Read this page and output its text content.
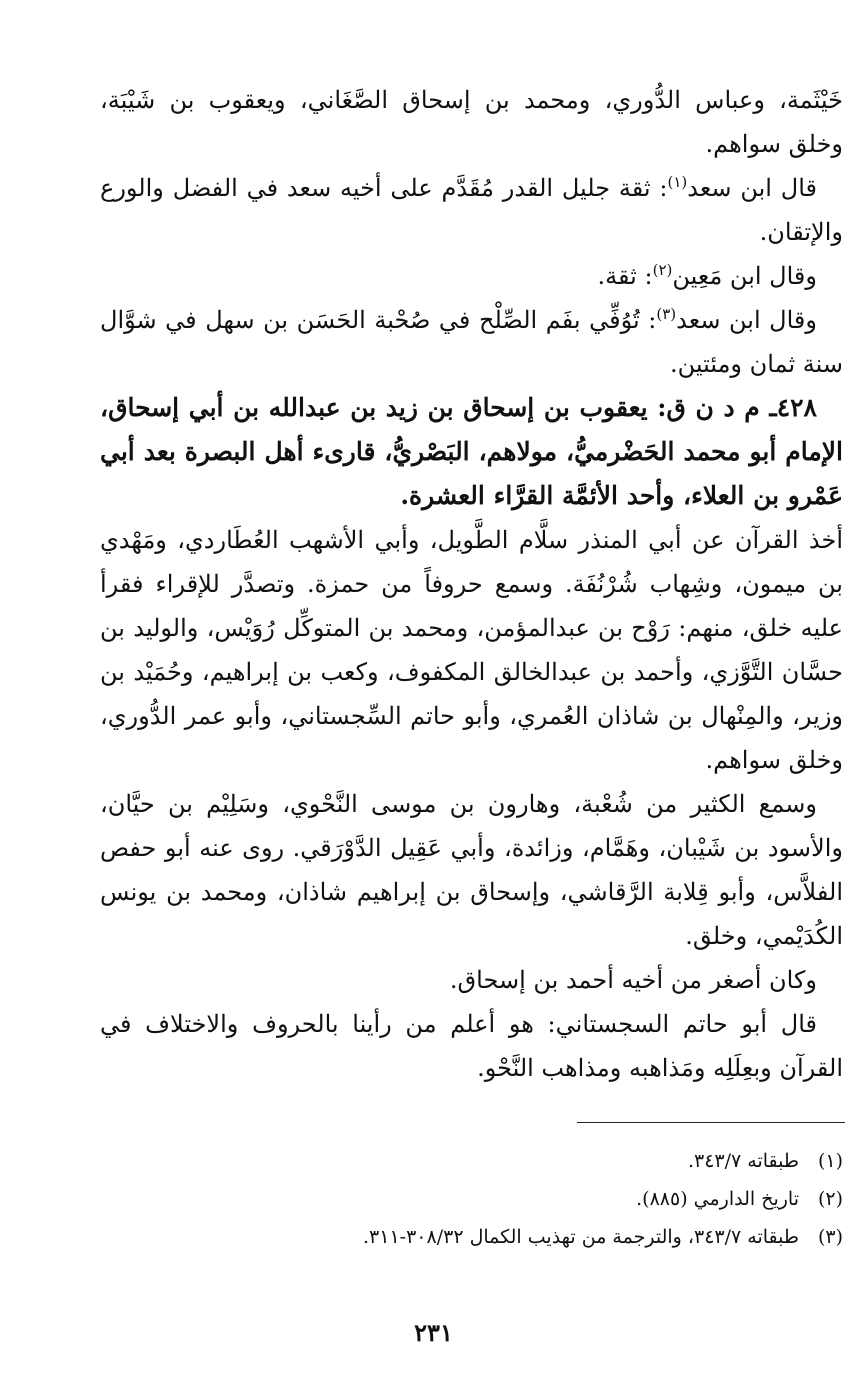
خَيْثَمة، وعباس الدُّوري، ومحمد بن إسحاق الصَّغَاني، ويعقوب بن شَيْبَة، وخلق سواهم.

قال ابن سعد$^{(١)}$: ثقة جليل القدر مُقَدَّم على أخيه سعد في الفضل والورع والإتقان.

وقال ابن مَعِين$^{(٢)}$: ثقة.

وقال ابن سعد$^{(٣)}$: تُوُفِّي بفَم الصِّلْح في صُحْبة الحَسَن بن سهل في شوَّال سنة ثمان ومئتين.

٤٢٨ـ م د ن ق: يعقوب بن إسحاق بن زيد بن عبدالله بن أبي إسحاق، الإمام أبو محمد الحَضْرميُّ، مولاهم، البَصْريُّ، قارىء أهل البصرة بعد أبي عَمْرو بن العلاء، وأحد الأئمَّة القرَّاء العشرة.

أخذ القرآن عن أبي المنذر سلَّام الطَّويل، وأبي الأشهب العُطَاردي، ومَهْدي بن ميمون، وشِهاب شُرْنُفَة. وسمع حروفاً من حمزة. وتصدَّر للإقراء فقرأ عليه خلق، منهم: رَوْح بن عبدالمؤمن، ومحمد بن المتوكِّل رُوَيْس، والوليد بن حسَّان التَّوَّزي، وأحمد بن عبدالخالق المكفوف، وكعب بن إبراهيم، وحُمَيْد بن وزير، والمِنْهال بن شاذان العُمري، وأبو حاتم السِّجستاني، وأبو عمر الدُّوري، وخلق سواهم.

وسمع الكثير من شُعْبة، وهارون بن موسى النَّحْوي، وسَلِيْم بن حيَّان، والأسود بن شَيْبان، وهَمَّام، وزائدة، وأبي عَقِيل الدَّوْرَقي. روى عنه أبو حفص الفلاَّس، وأبو قِلابة الرَّقاشي، وإسحاق بن إبراهيم شاذان، ومحمد بن يونس الكُدَيْمي، وخلق.

وكان أصغر من أخيه أحمد بن إسحاق.

قال أبو حاتم السجستاني: هو أعلم من رأينا بالحروف والاختلاف في القرآن وبعِلَلِه ومَذاهبه ومذاهب النَّحْو.

(١)
طبقاته ٣٤٣/٧.
(٢)
تاريخ الدارمي (٨٨٥).
(٣)
طبقاته ٣٤٣/٧، والترجمة من تهذيب الكمال ٣٠٨/٣٢-٣١١.
٢٣١
